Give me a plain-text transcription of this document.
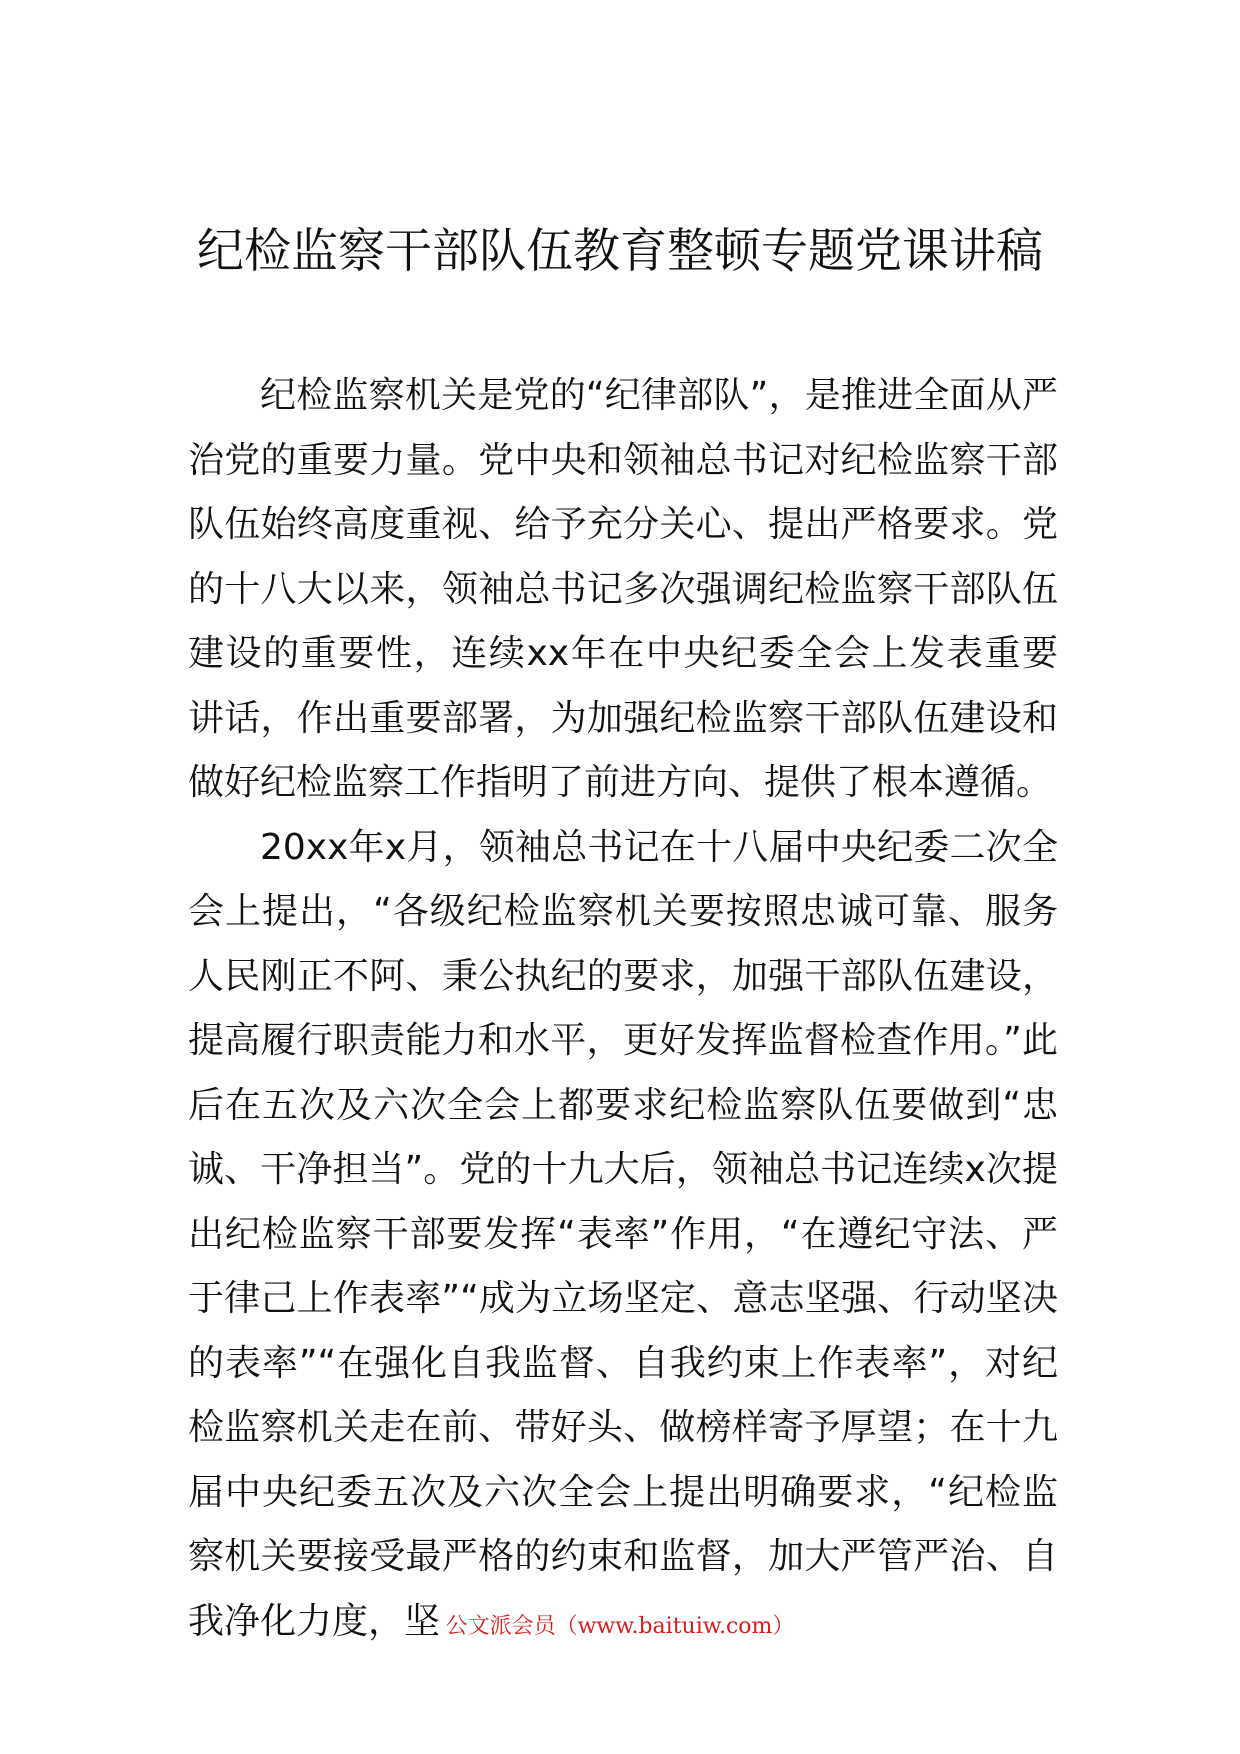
纪检监察干部队伍教育整顿专题党课讲稿

纪检监察机关是党的“纪律部队”，是推进全面从严治党的重要力量。党中央和领袖总书记对纪检监察干部队伍始终高度重视、给予充分关心、提出严格要求。党的十八大以来，领袖总书记多次强调纪检监察干部队伍建设的重要性，连续xx年在中央纪委全会上发表重要讲话，作出重要部署，为加强纪检监察干部队伍建设和做好纪检监察工作指明了前进方向、提供了根本遵循。

20xx年x月，领袖总书记在十八届中央纪委二次全会上提出，“各级纪检监察机关要按照忠诚可靠、服务人民刚正不阿、秉公执纪的要求，加强干部队伍建设，提高履行职责能力和水平，更好发挥监督检查作用。”此后在五次及六次全会上都要求纪检监察队伍要做到“忠诚、干净担当”。党的十九大后，领袖总书记连续x次提出纪检监察干部要发挥“表率”作用，“在遵纪守法、严于律己上作表率”“成为立场坚定、意志坚强、行动坚决的表率”“在强化自我监督、自我约束上作表率”，对纪检监察机关走在前、带好头、做榜样寄予厚望；在十九届中央纪委五次及六次全会上提出明确要求，“纪检监察机关要接受最严格的约束和监督，加大严管严治、自我净化力度，坚 公文派会员（www.baituiw.com）
